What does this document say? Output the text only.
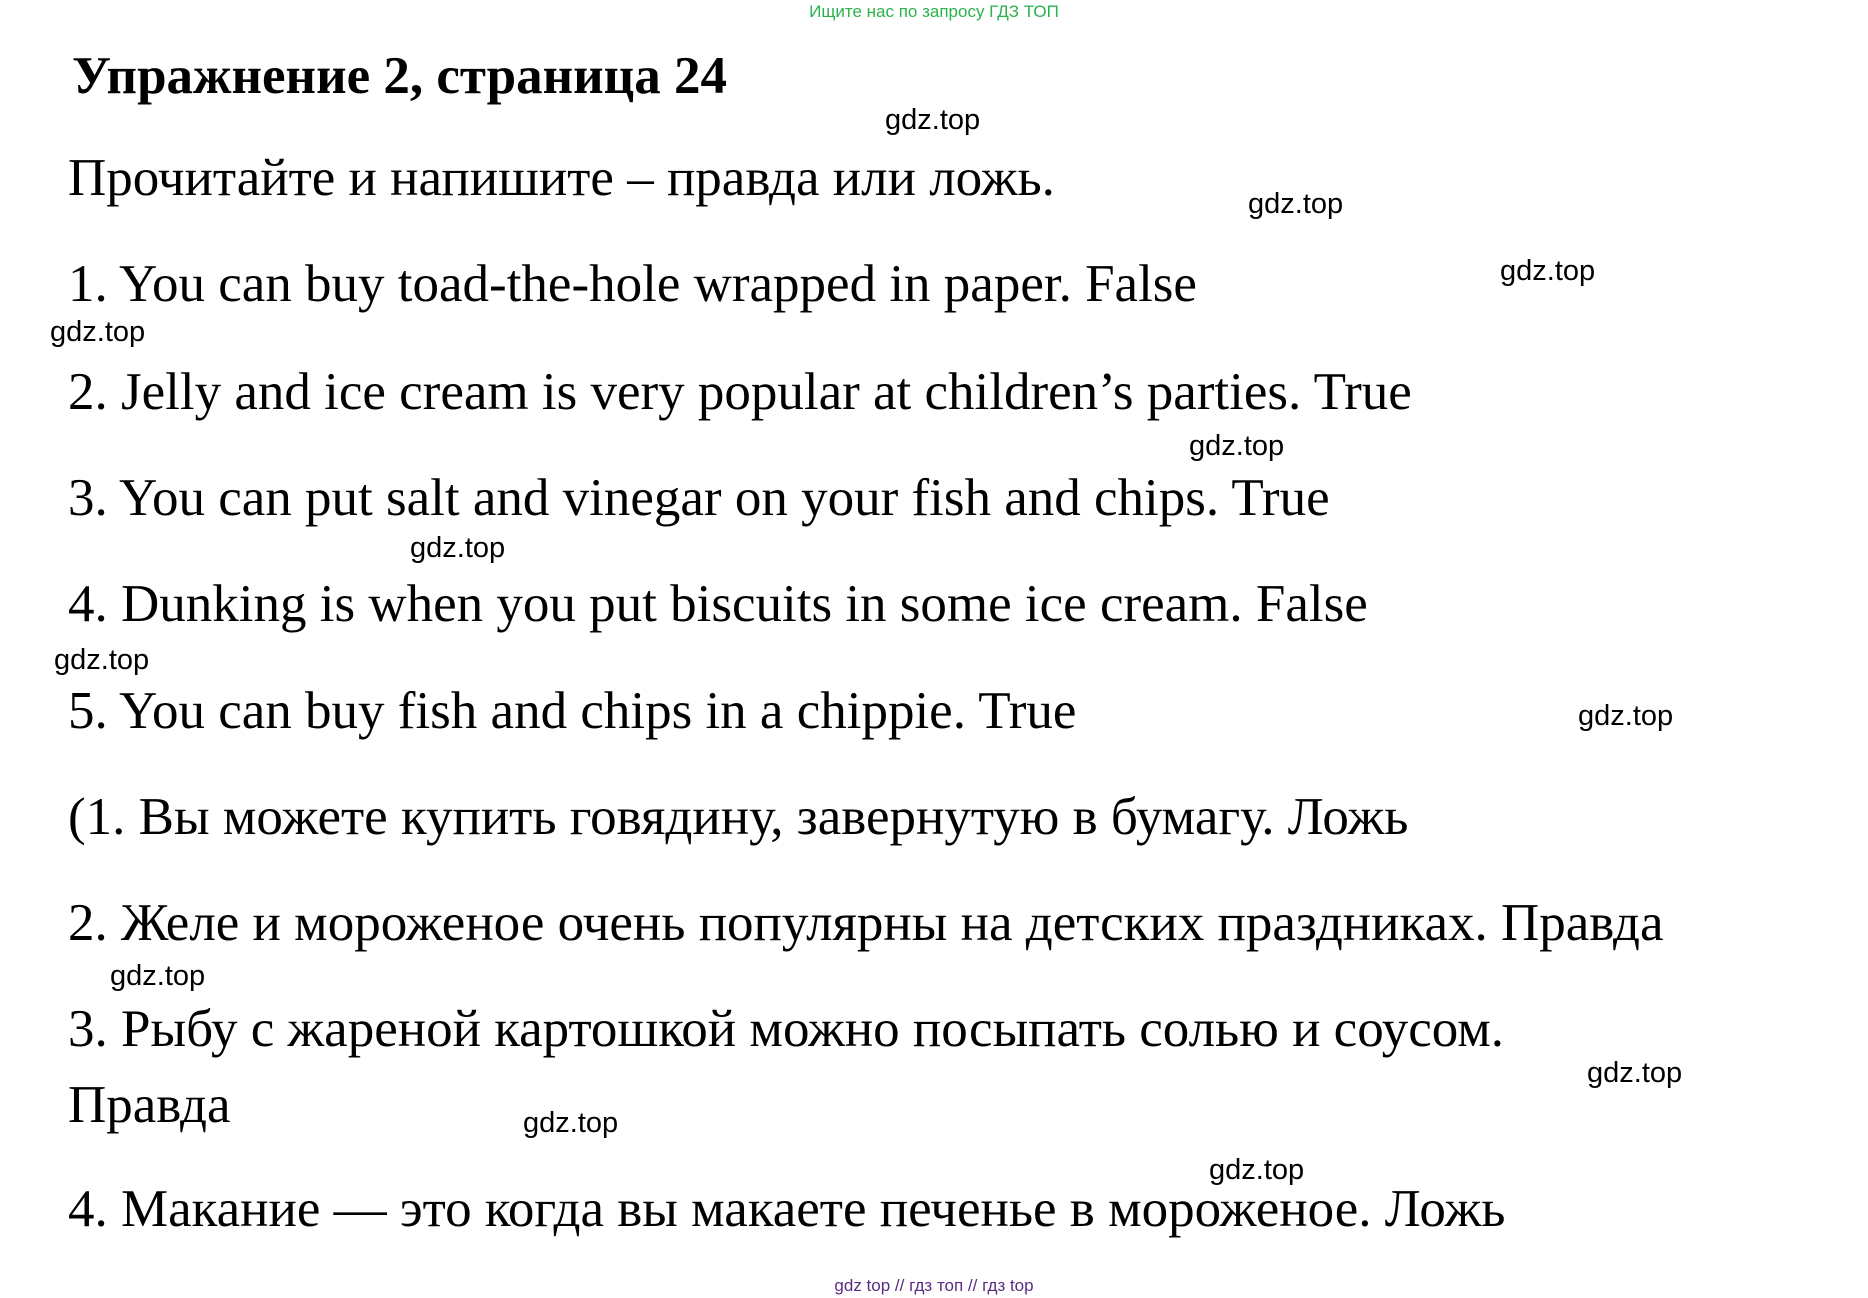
Ищите нас по запросу ГДЗ ТОП
Упражнение 2, страница 24
Прочитайте и напишите – правда или ложь.
1. You can buy toad-the-hole wrapped in paper. False
2. Jelly and ice cream is very popular at children’s parties. True
3. You can put salt and vinegar on your fish and chips. True
4. Dunking is when you put biscuits in some ice cream. False
5. You can buy fish and chips in a chippie. True
(1. Вы можете купить говядину, завернутую в бумагу. Ложь
2. Желе и мороженое очень популярны на детских праздниках. Правда
3. Рыбу с жареной картошкой можно посыпать солью и соусом.
Правда
4. Макание — это когда вы макаете печенье в мороженое. Ложь
gdz.top
gdz.top
gdz.top
gdz.top
gdz.top
gdz.top
gdz.top
gdz.top
gdz.top
gdz.top
gdz.top
gdz.top
gdz top // гдз топ // гдз top
